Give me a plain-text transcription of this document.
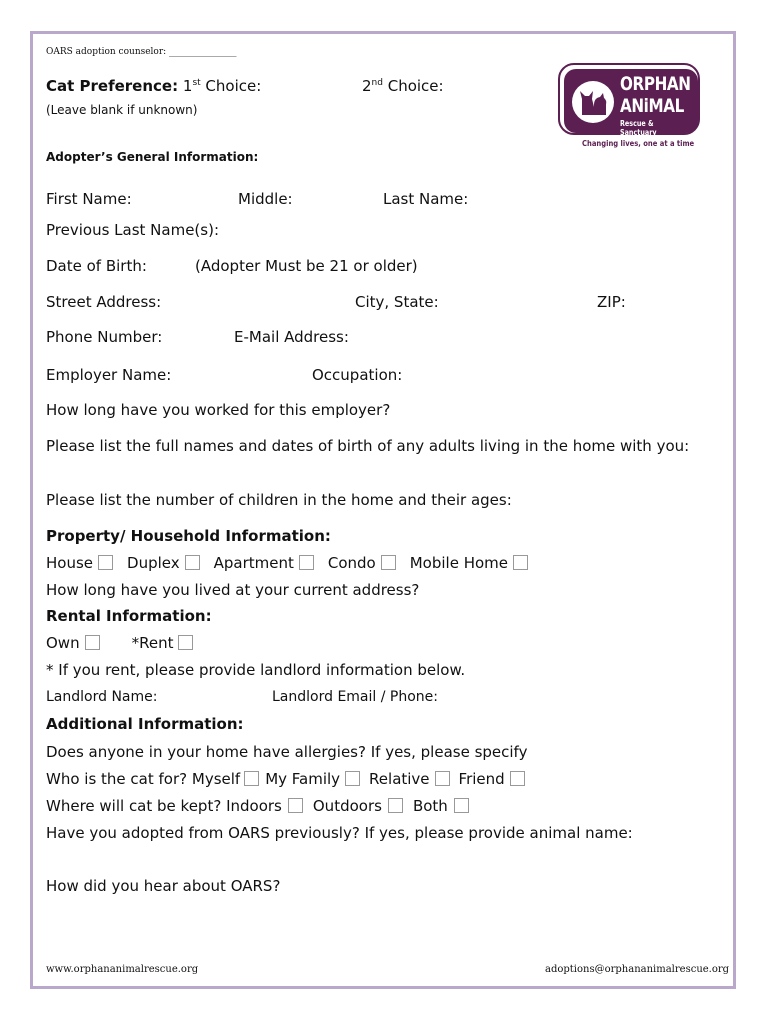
OARS adoption counselor: _______________
Cat Preference: 1st Choice:	2nd Choice:
(Leave blank if unknown)
Adopter’s General Information:
ORPHAN
ANiMAL
Rescue & Sanctuary
Changing lives, one at a time
First Name:	Middle:	Last Name:
Previous Last Name(s):
Date of Birth:	(Adopter Must be 21 or older)
Street Address:	City, State:	ZIP:
Phone Number:	E-Mail Address:
Employer Name:	Occupation:
How long have you worked for this employer?
Please list the full names and dates of birth of any adults living in the home with you:
Please list the number of children in the home and their ages:
Property/ Household Information:
House Duplex Apartment Condo Mobile Home
How long have you lived at your current address?
Rental Information:
Own	*Rent
* If you rent, please provide landlord information below.
Landlord Name:	Landlord Email / Phone:
Additional Information:
Does anyone in your home have allergies? If yes, please specify
Who is the cat for? Myself My Family Relative Friend
Where will cat be kept? Indoors Outdoors Both
Have you adopted from OARS previously? If yes, please provide animal name:
How did you hear about OARS?
www.orphananimalrescue.org	adoptions@orphananimalrescue.org
